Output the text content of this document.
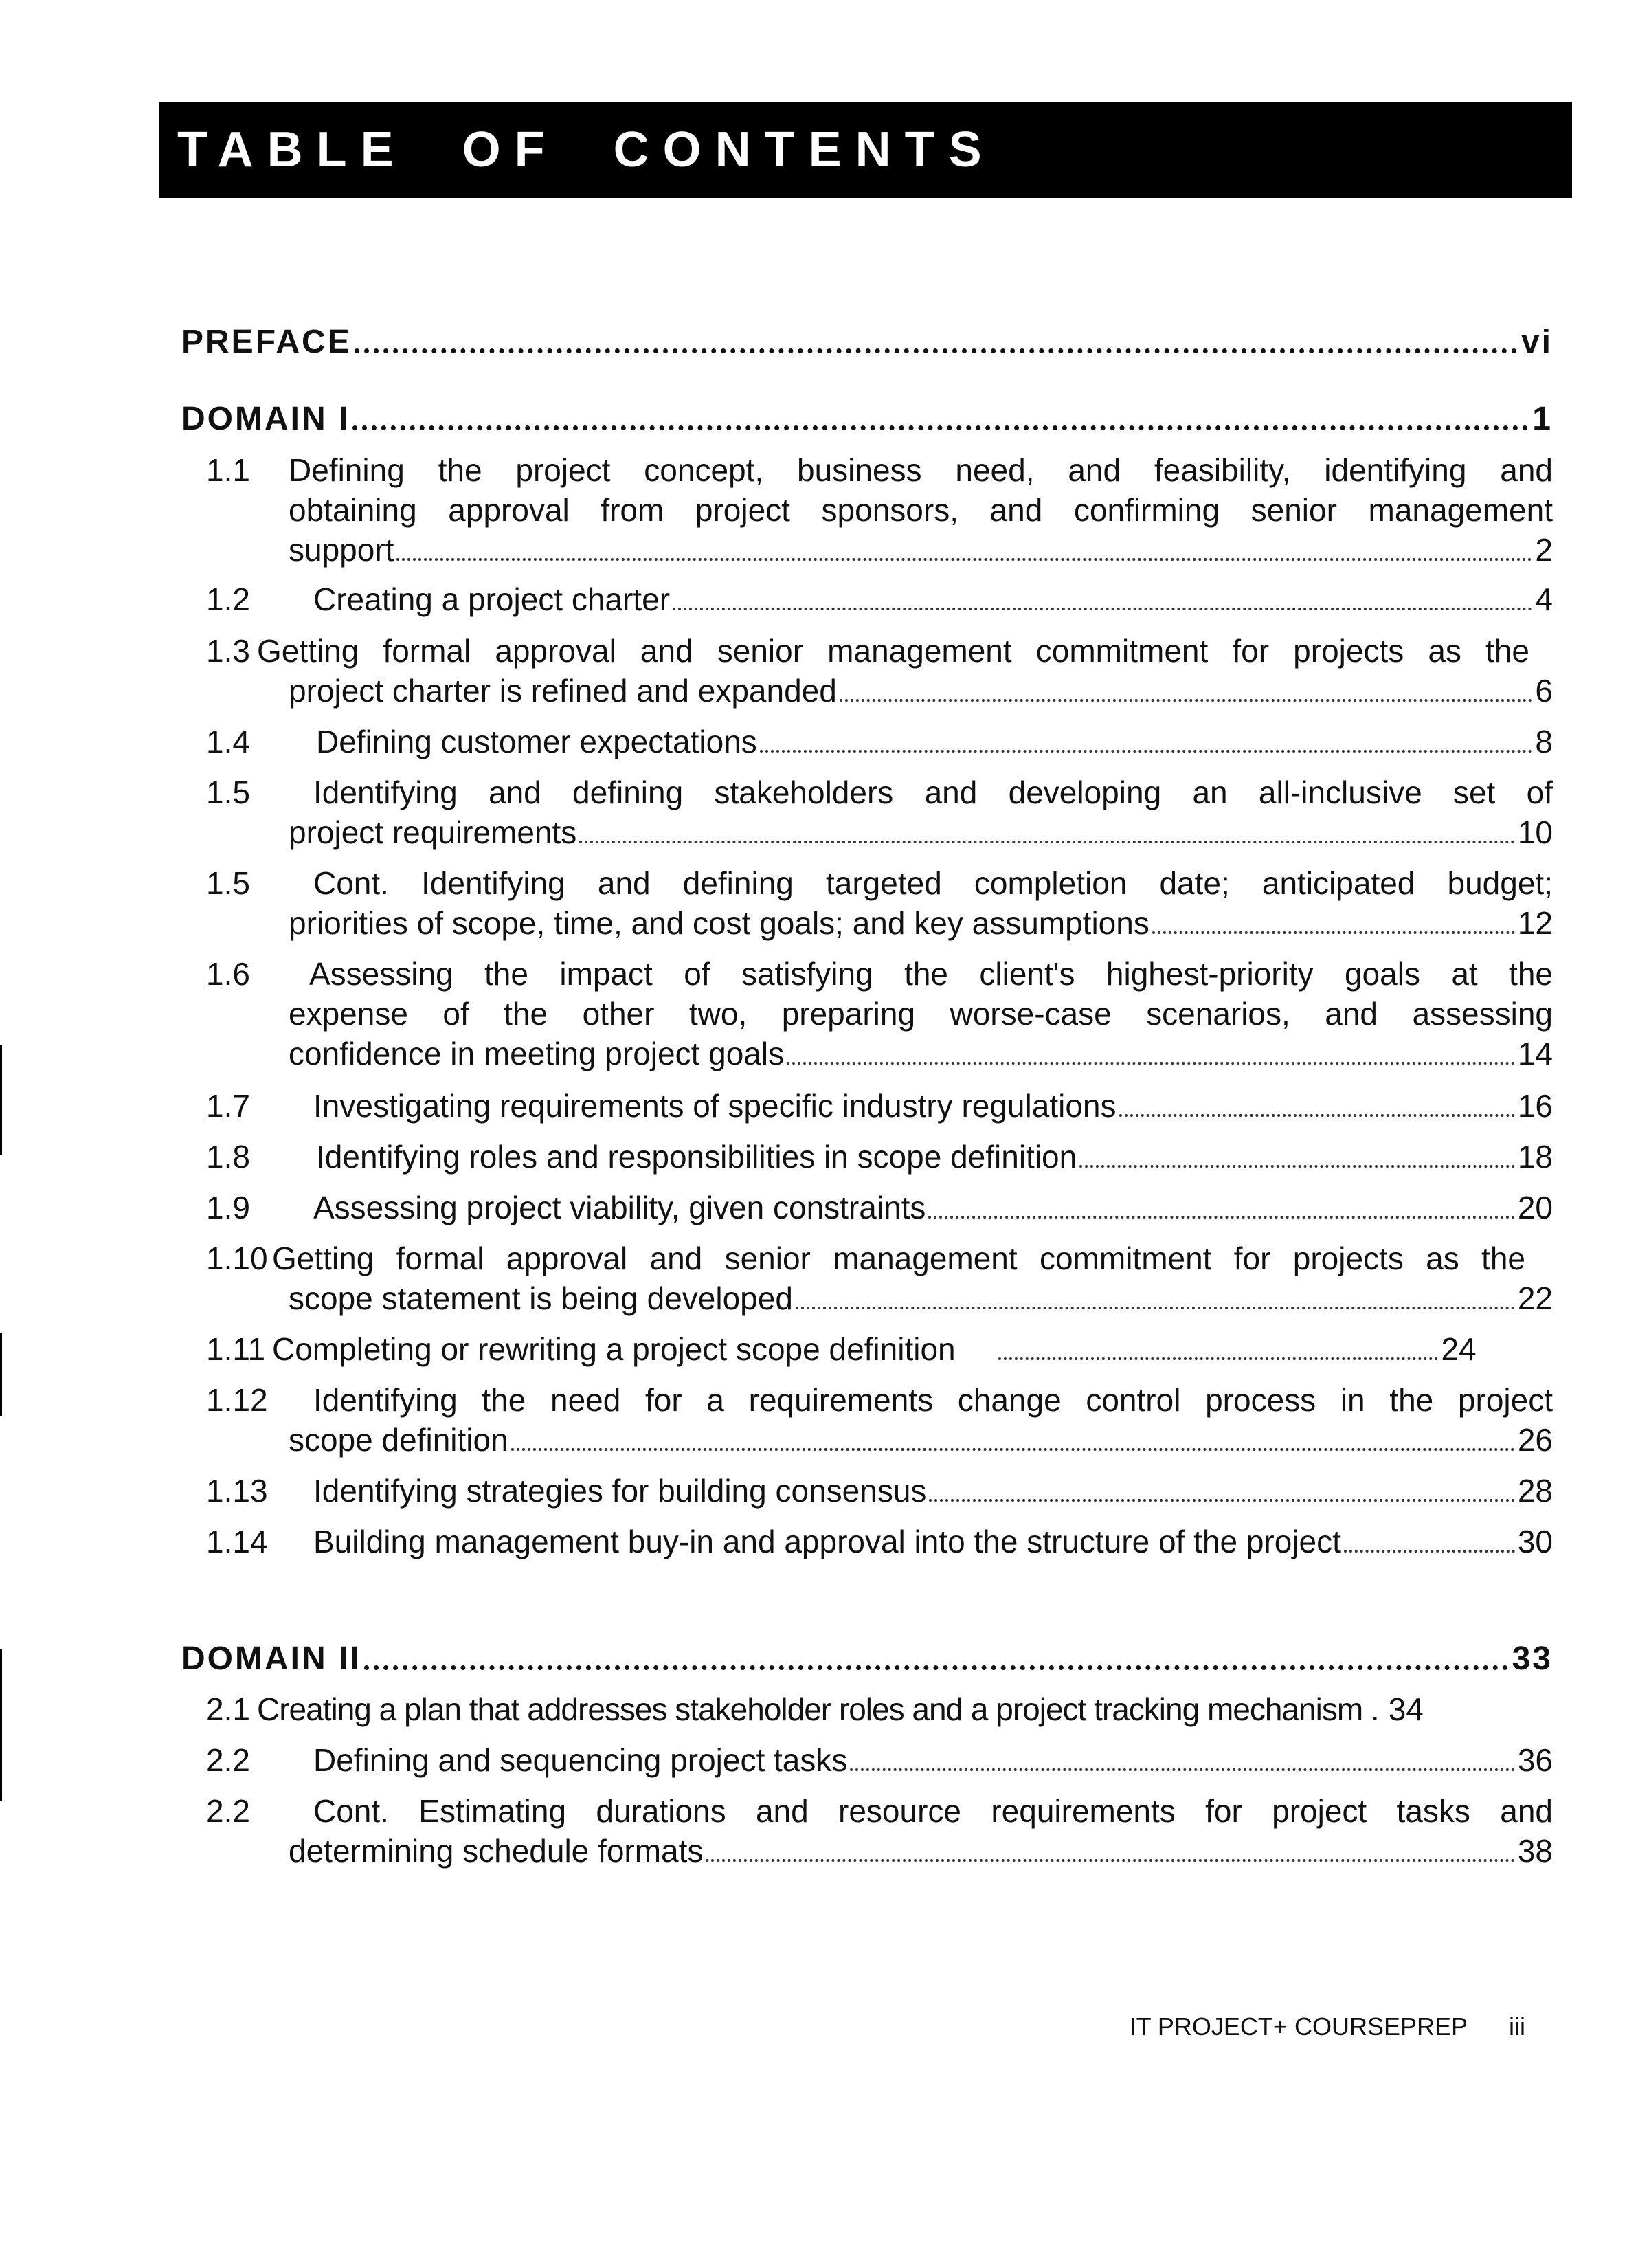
TABLE OF CONTENTS
PREFACE	vi
DOMAIN I	1
1.1	Defining the project concept, business need, and feasibility, identifying and
obtaining approval from project sponsors, and confirming senior management
support	2
1.2	Creating a project charter	4
1.3 Getting formal approval and senior management commitment for projects as the
project charter is refined and expanded	6
1.4	Defining customer expectations	8
1.5	Identifying and defining stakeholders and developing an all-inclusive set of
project requirements	10
1.5	Cont. Identifying and defining targeted completion date; anticipated budget;
priorities of scope, time, and cost goals; and key assumptions	12
1.6	Assessing the impact of satisfying the client's highest-priority goals at the
expense of the other two, preparing worse-case scenarios, and assessing
confidence in meeting project goals	14
1.7	Investigating requirements of specific industry regulations	16
1.8	Identifying roles and responsibilities in scope definition	18
1.9	Assessing project viability, given constraints	20
1.10 Getting formal approval and senior management commitment for projects as the
scope statement is being developed	22
1.11 Completing or rewriting a project scope definition	24
1.12	Identifying the need for a requirements change control process in the project
scope definition	26
1.13	Identifying strategies for building consensus	28
1.14	Building management buy-in and approval into the structure of the project	30
DOMAIN II	33
2.1 Creating a plan that addresses stakeholder roles and a project tracking mechanism . 34
2.2	Defining and sequencing project tasks	36
2.2	Cont. Estimating durations and resource requirements for project tasks and
determining schedule formats	38
IT PROJECT+ COURSEPREP iii
